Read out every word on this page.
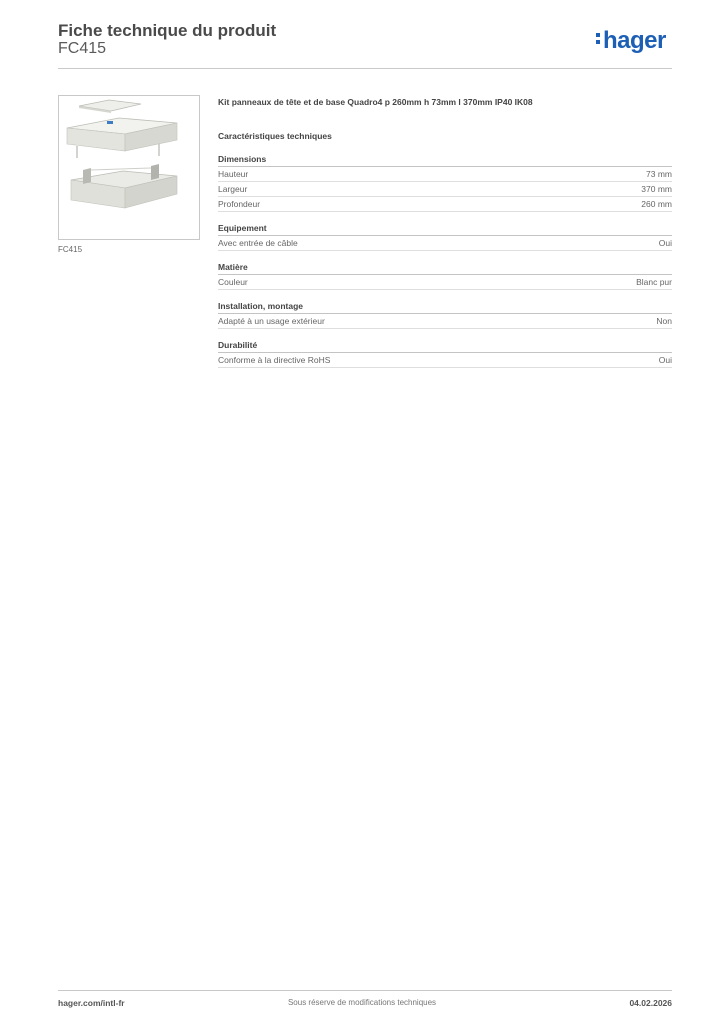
Fiche technique du produit
FC415	hager
FC415
Kit panneaux de tête et de base Quadro4 p 260mm h 73mm l 370mm IP40 IK08
Caractéristiques techniques
Dimensions
Hauteur	73 mm
Largeur	370 mm
Profondeur	260 mm
Equipement
Avec entrée de câble	Oui
Matière
Couleur	Blanc pur
Installation, montage
Adapté à un usage extérieur	Non
Durabilité
Conforme à la directive RoHS	Oui
hager.com/intl-fr	Sous réserve de modifications techniques	04.02.2026
